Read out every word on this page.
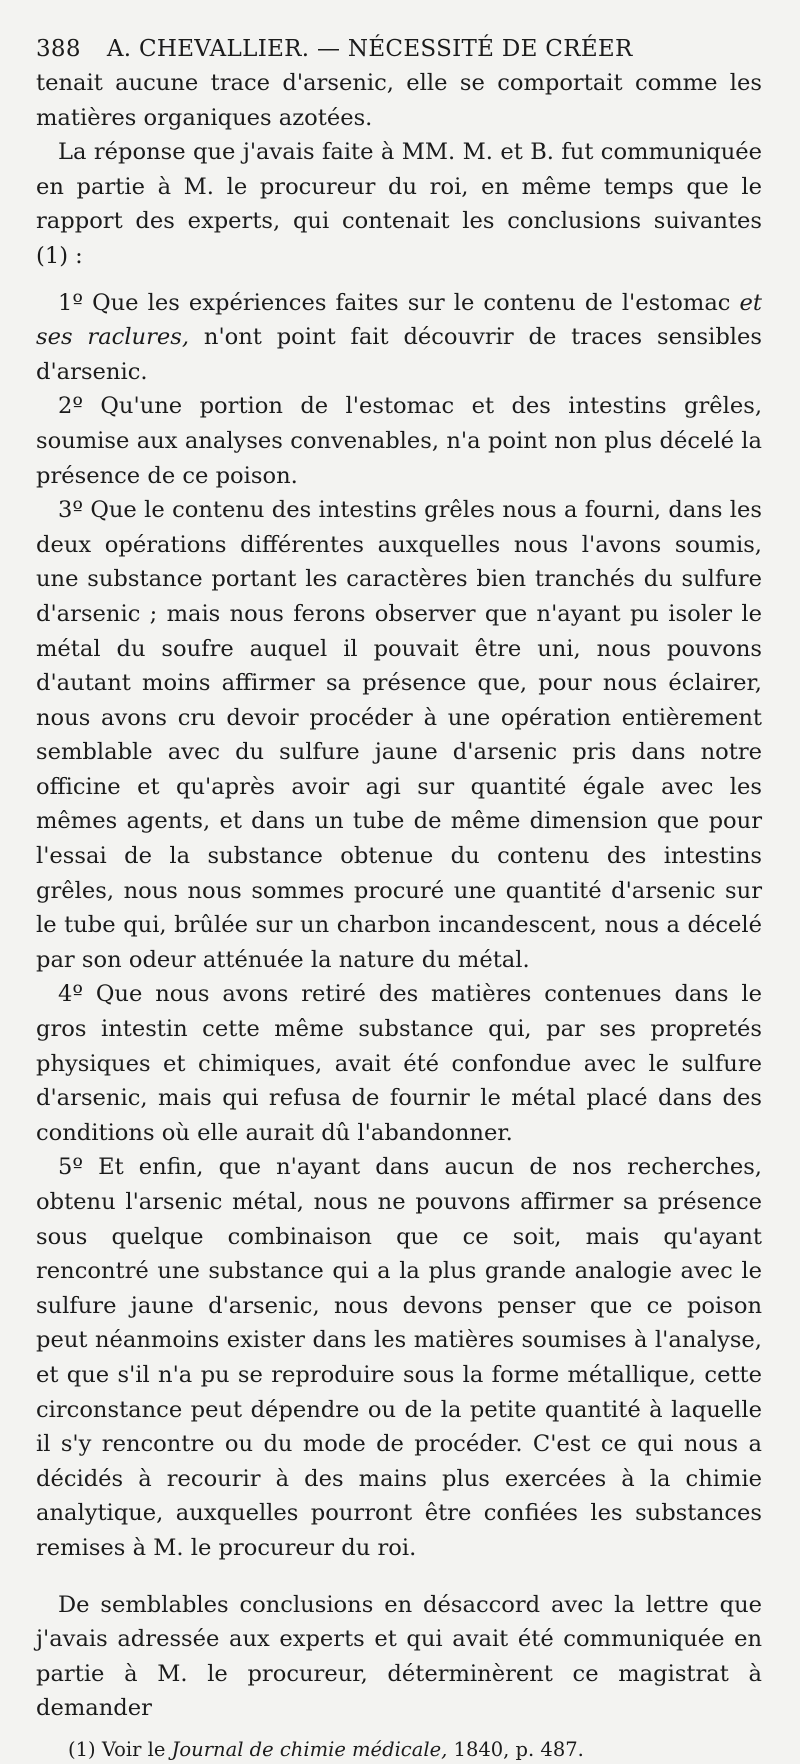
388 A. CHEVALLIER. — NÉCESSITÉ DE CRÉER

tenait aucune trace d'arsenic, elle se comportait comme les matières organiques azotées.

La réponse que j'avais faite à MM. M. et B. fut communiquée en partie à M. le procureur du roi, en même temps que le rapport des experts, qui contenait les conclusions suivantes (1) :

1º Que les expériences faites sur le contenu de l'estomac et ses raclures, n'ont point fait découvrir de traces sensibles d'arsenic.

2º Qu'une portion de l'estomac et des intestins grêles, soumise aux analyses convenables, n'a point non plus décelé la présence de ce poison.

3º Que le contenu des intestins grêles nous a fourni, dans les deux opérations différentes auxquelles nous l'avons soumis, une substance portant les caractères bien tranchés du sulfure d'arsenic ; mais nous ferons observer que n'ayant pu isoler le métal du soufre auquel il pouvait être uni, nous pouvons d'autant moins affirmer sa présence que, pour nous éclairer, nous avons cru devoir procéder à une opération entièrement semblable avec du sulfure jaune d'arsenic pris dans notre officine et qu'après avoir agi sur quantité égale avec les mêmes agents, et dans un tube de même dimension que pour l'essai de la substance obtenue du contenu des intestins grêles, nous nous sommes procuré une quantité d'arsenic sur le tube qui, brûlée sur un charbon incandescent, nous a décelé par son odeur atténuée la nature du métal.

4º Que nous avons retiré des matières contenues dans le gros intestin cette même substance qui, par ses propretés physiques et chimiques, avait été confondue avec le sulfure d'arsenic, mais qui refusa de fournir le métal placé dans des conditions où elle aurait dû l'abandonner.

5º Et enfin, que n'ayant dans aucun de nos recherches, obtenu l'arsenic métal, nous ne pouvons affirmer sa présence sous quelque combinaison que ce soit, mais qu'ayant rencontré une substance qui a la plus grande analogie avec le sulfure jaune d'arsenic, nous devons penser que ce poison peut néanmoins exister dans les matières soumises à l'analyse, et que s'il n'a pu se reproduire sous la forme métallique, cette circonstance peut dépendre ou de la petite quantité à laquelle il s'y rencontre ou du mode de procéder. C'est ce qui nous a décidés à recourir à des mains plus exercées à la chimie analytique, auxquelles pourront être confiées les substances remises à M. le procureur du roi.

De semblables conclusions en désaccord avec la lettre que j'avais adressée aux experts et qui avait été communiquée en partie à M. le procureur, déterminèrent ce magistrat à demander

(1) Voir le Journal de chimie médicale, 1840, p. 487.
